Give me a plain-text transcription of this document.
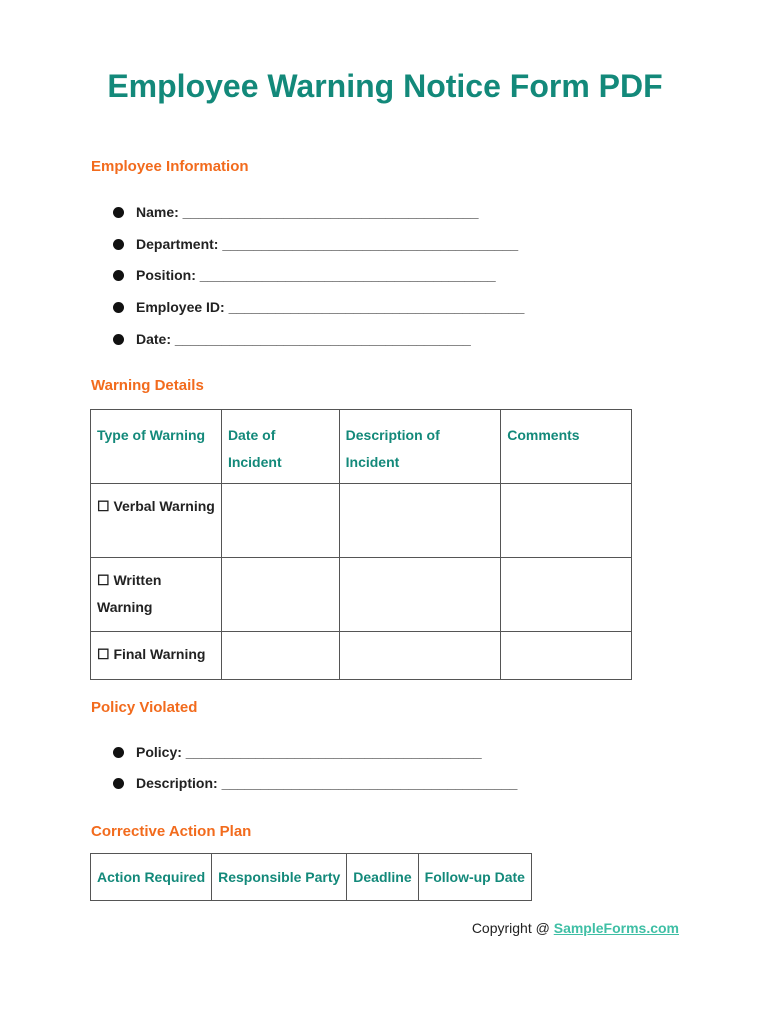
Employee Warning Notice Form PDF
Employee Information
Name: ______________________________________
Department: ______________________________________
Position: ______________________________________
Employee ID: ______________________________________
Date: ______________________________________
Warning Details
Type of Warning	Date of Incident	Description of Incident	Comments
☐ Verbal Warning			
☐ Written Warning			
☐ Final Warning			
Policy Violated
Policy: ______________________________________
Description: ______________________________________
Corrective Action Plan
Action Required	Responsible Party	Deadline	Follow-up Date
Copyright @ SampleForms.com
